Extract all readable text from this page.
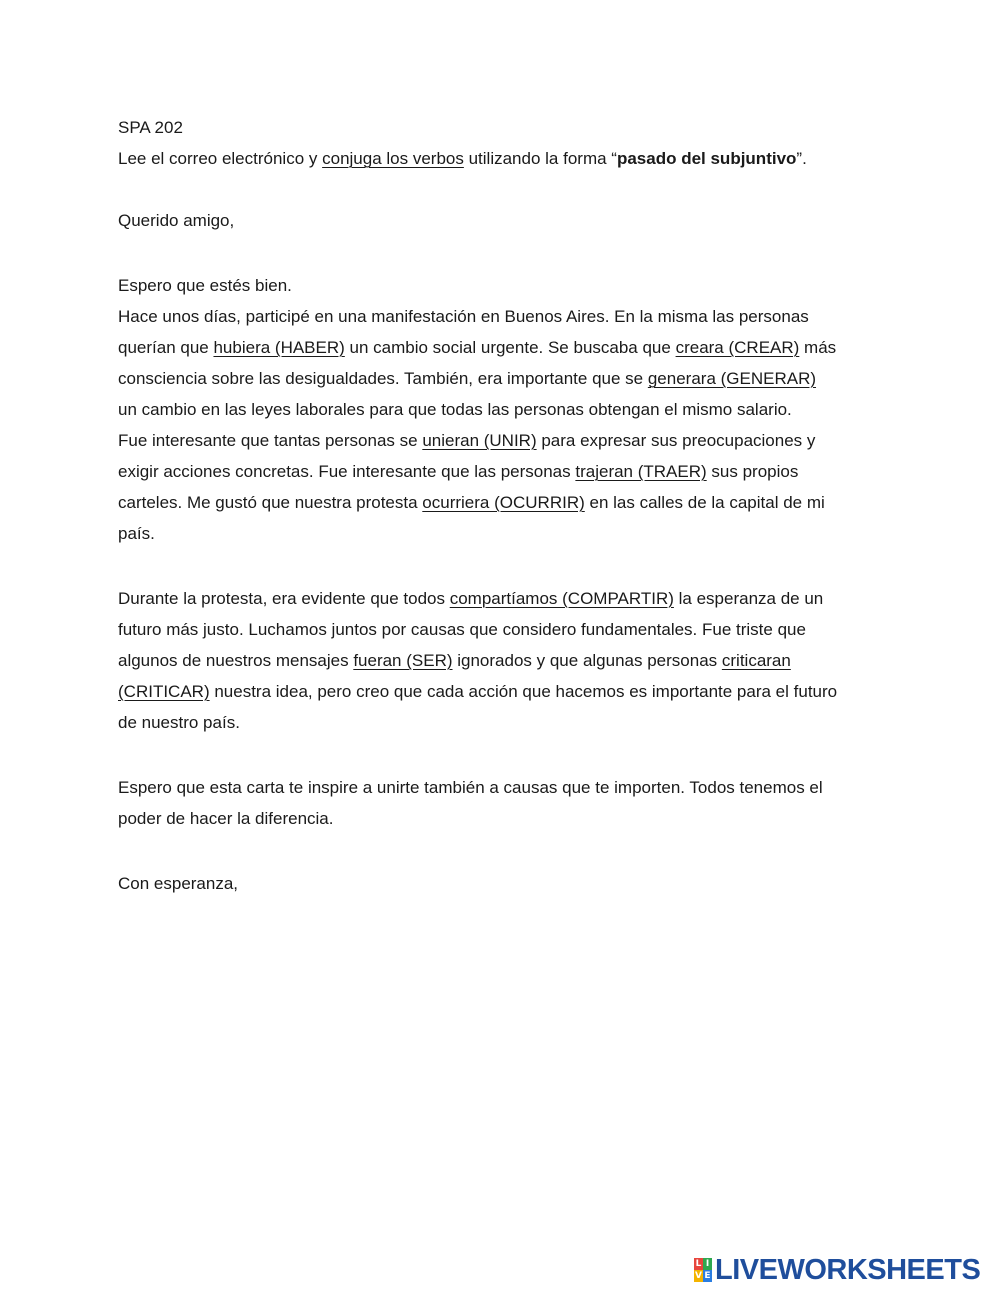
SPA 202
Lee el correo electrónico y conjuga los verbos utilizando la forma “pasado del subjuntivo”.
Querido amigo,
Espero que estés bien.
Hace unos días, participé en una manifestación en Buenos Aires. En la misma las personas
querían que hubiera (HABER) un cambio social urgente. Se buscaba que creara (CREAR) más
consciencia sobre las desigualdades. También, era importante que se generara (GENERAR)
un cambio en las leyes laborales para que todas las personas obtengan el mismo salario.
Fue interesante que tantas personas se unieran (UNIR) para expresar sus preocupaciones y
exigir acciones concretas. Fue interesante que las personas trajeran (TRAER) sus propios
carteles. Me gustó que nuestra protesta ocurriera (OCURRIR) en las calles de la capital de mi
país.
Durante la protesta, era evidente que todos compartíamos (COMPARTIR) la esperanza de un
futuro más justo. Luchamos juntos por causas que considero fundamentales. Fue triste que
algunos de nuestros mensajes fueran (SER) ignorados y que algunas personas criticaran
(CRITICAR) nuestra idea, pero creo que cada acción que hacemos es importante para el futuro
de nuestro país.
Espero que esta carta te inspire a unirte también a causas que te importen. Todos tenemos el
poder de hacer la diferencia.
Con esperanza,
L I
V E LIVEWORKSHEETS
